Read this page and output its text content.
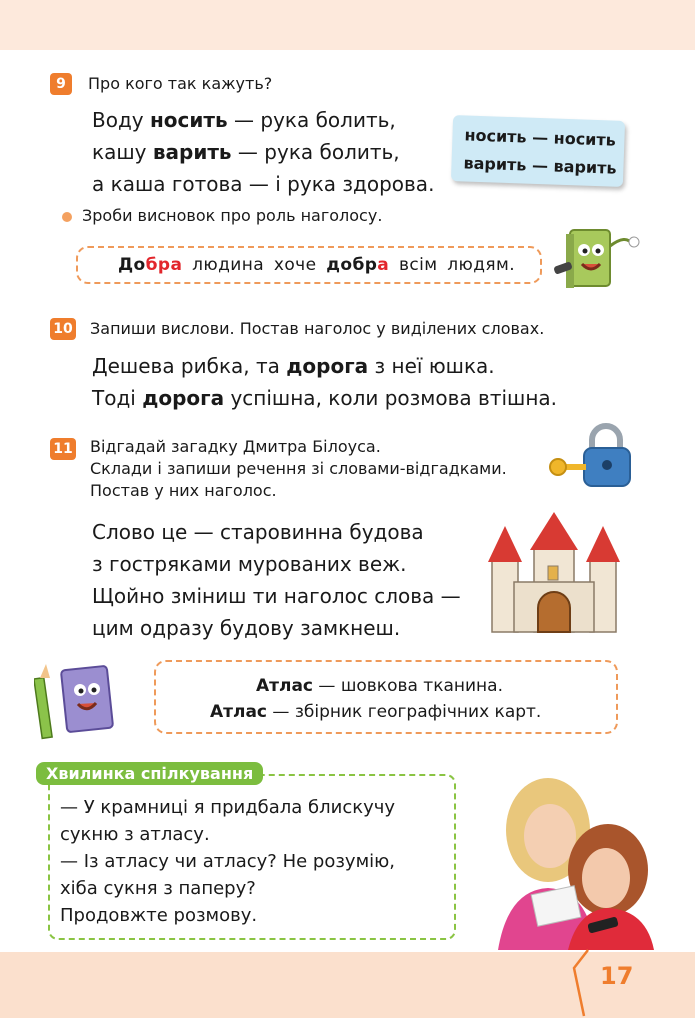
9	Про кого так кажуть?
Воду носить — рука болить,
кашу варить — рука болить,
а каша готова — і рука здорова.
носить — носить
варить — варить
Зроби висновок про роль наголосу.
Добра людина хоче добра всім людям.
10 Запиши вислови. Постав наголос у виділених словах.
Дешева рибка, та дорога з неї юшка.
Тоді дорога успішна, коли розмова втішна.
11 Відгадай загадку Дмитра Білоуса.
Склади і запиши речення зі словами-відгадками.
Постав у них наголос.
Слово це — старовинна будова
з гостряками мурованих веж.
Щойно зміниш ти наголос слова —
цим одразу будову замкнеш.
Атлас — шовкова тканина.
Атлас — збірник географічних карт.
— У крамниці я придбала блискучу
сукню з атласу.
— Із атласу чи атласу? Не розумію,
хіба сукня з паперу?
Продовжте розмову.
Хвилинка спілкування
17
